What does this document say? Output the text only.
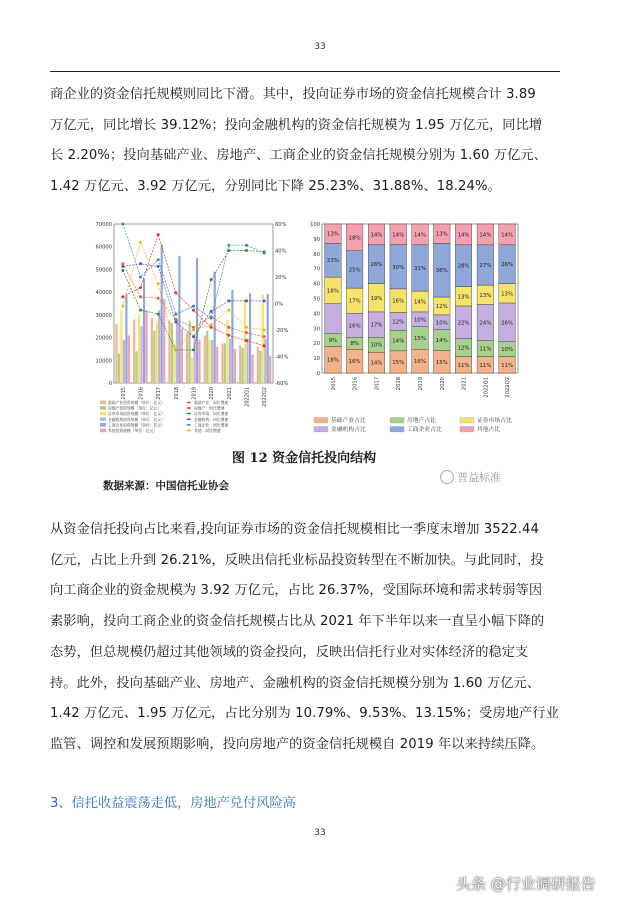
33
商企业的资金信托规模则同比下滑。其中，投向证券市场的资金信托规模合计 3.89
万亿元，同比增长 39.12%；投向金融机构的资金信托规模为 1.95 万亿元，同比增
长 2.20%；投向基础产业、房地产、工商企业的资金信托规模分别为 1.60 万亿元、
1.42 万亿元、3.92 万亿元，分别同比下降 25.23%、31.88%、18.24%。
0
10000
20000
30000
40000
50000
60000
70000
-60%
-40%
-20%
0%
20%
40%
60%
2015 2016 2017 2018 2019 2020 2021 2022Q1 2022Q2
基础产业投资规模（单位：亿元）	基础产业：同比增速
房地产投资规模（单位：亿元）	房地产：同比增速
证券市场投资规模（单位：亿元）	证券市场：同比增速
金融机构投资规模（单位：亿元）	金融机构：同比增速
工商企业投资规模（单位：亿元）	工商企业：同比增速
其他投资规模（单位：亿元）	其他：同比增速
0
10
20
30
40
50
60
70
80
90
100
18%
9%
18%
23%
13%
2015
16%
8%
16%
17%
25%
18%
2016
14%
10%
17%
19%
26%
14%
2017
15%
14%
12%
16%
30%
14%
2018
16%
15%
10%
14%
31%
14%
2019
15%
14%
10%
12%
36%
13%
2020
11%
12%
22%
13%
28%
14%
2021
11%
11%
24%
13%
27%
14%
2022Q1
11%
10%
26%
13%
26%
14%
2022Q2
基础产业占比	房地产占比	证券市场占比
金融机构占比	工商企业占比	其他占比
图 12 资金信托投向结构
数据来源：中国信托业协会
普益标准
从资金信托投向占比来看,投向证券市场的资金信托规模相比一季度末增加 3522.44
亿元，占比上升到 26.21%，反映出信托业标品投资转型在不断加快。与此同时，投
向工商企业的资金规模为 3.92 万亿元，占比 26.37%，受国际环境和需求转弱等因
素影响，投向工商企业的资金信托规模占比从 2021 年下半年以来一直呈小幅下降的
态势，但总规模仍超过其他领域的资金投向，反映出信托行业对实体经济的稳定支
持。此外，投向基础产业、房地产、金融机构的资金信托规模分别为 1.60 万亿元、
1.42 万亿元、1.95 万亿元，占比分别为 10.79%、9.53%、13.15%；受房地产行业
监管、调控和发展预期影响，投向房地产的资金信托规模自 2019 年以来持续压降。
3、信托收益震荡走低，房地产兑付风险高
33
头条 @行业调研报告
